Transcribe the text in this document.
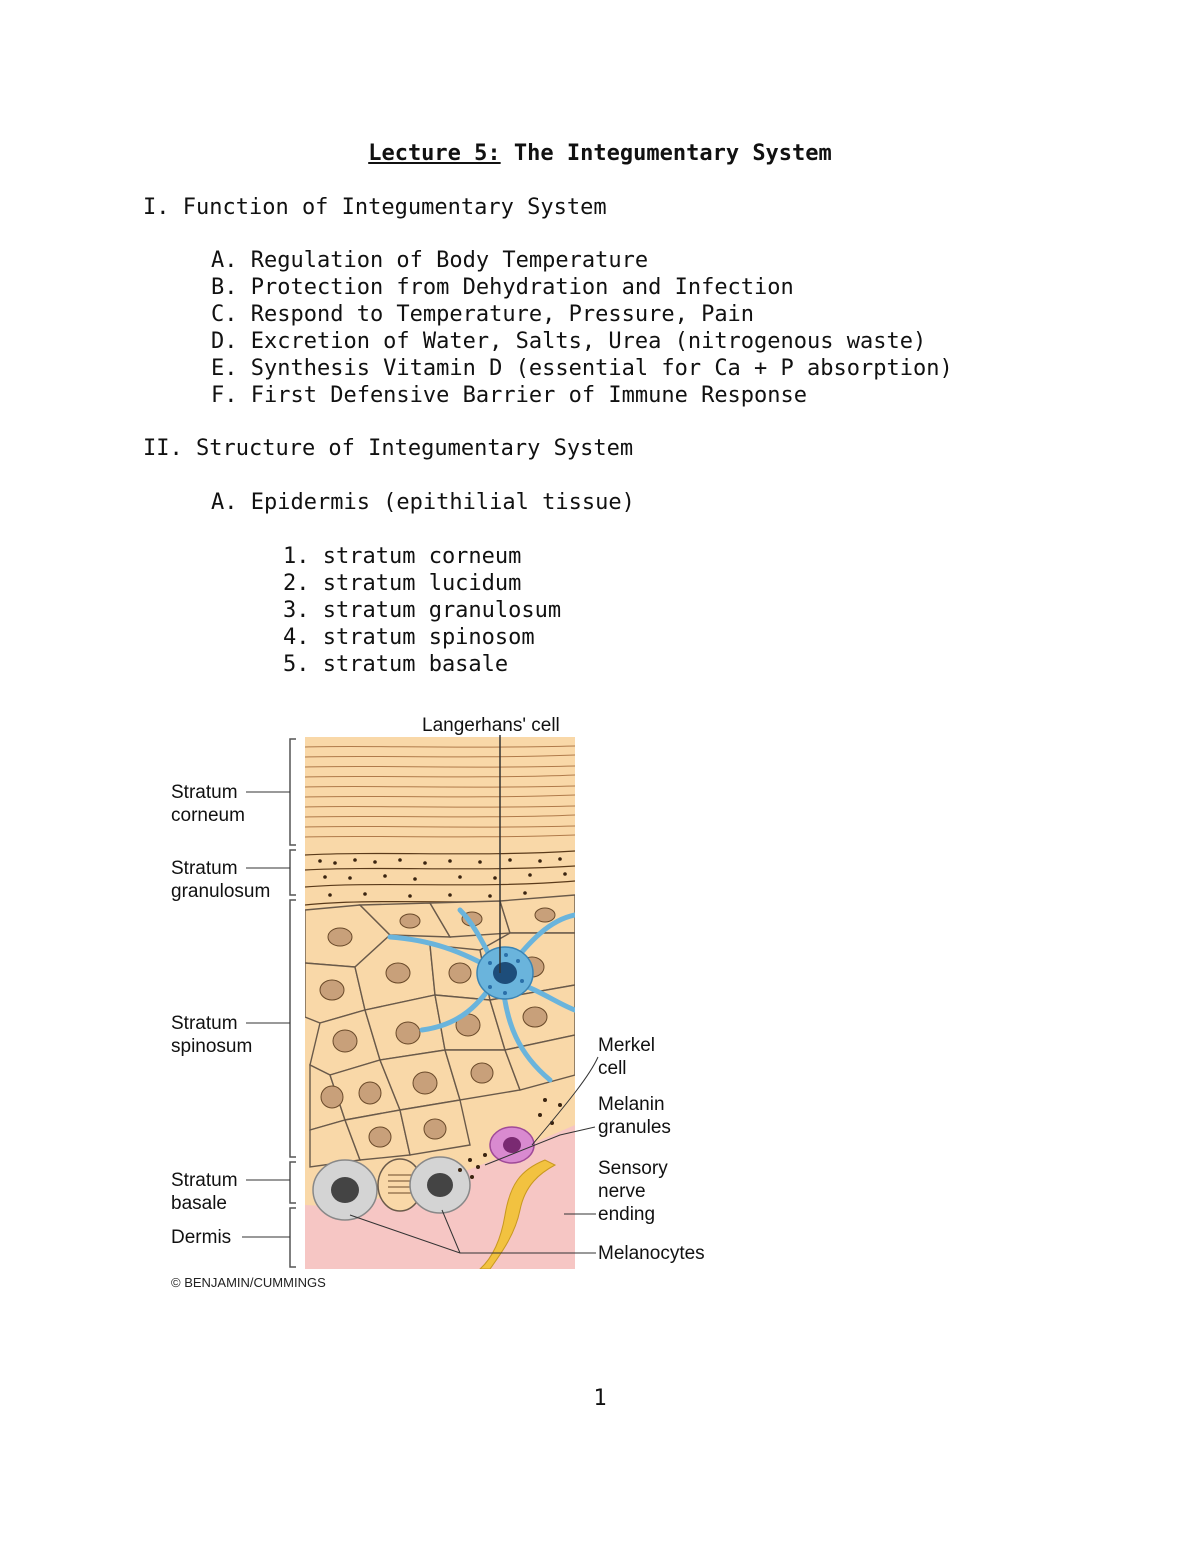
Lecture 5: The Integumentary System
I. Function of Integumentary System
A. Regulation of Body Temperature
B. Protection from Dehydration and Infection
C. Respond to Temperature, Pressure, Pain
D. Excretion of Water, Salts, Urea (nitrogenous waste)
E. Synthesis Vitamin D (essential for Ca + P absorption)
F. First Defensive Barrier of Immune Response
II. Structure of Integumentary System
A. Epidermis (epithilial tissue)
1. stratum corneum
2. stratum lucidum
3. stratum granulosum
4. stratum spinosom
5. stratum basale
Langerhans' cell
Stratum
corneum
Stratum
granulosum
Stratum
spinosum
Stratum
basale
Dermis
Merkel
cell
Melanin
granules
Sensory
nerve
ending
Melanocytes
© BENJAMIN/CUMMINGS
1
